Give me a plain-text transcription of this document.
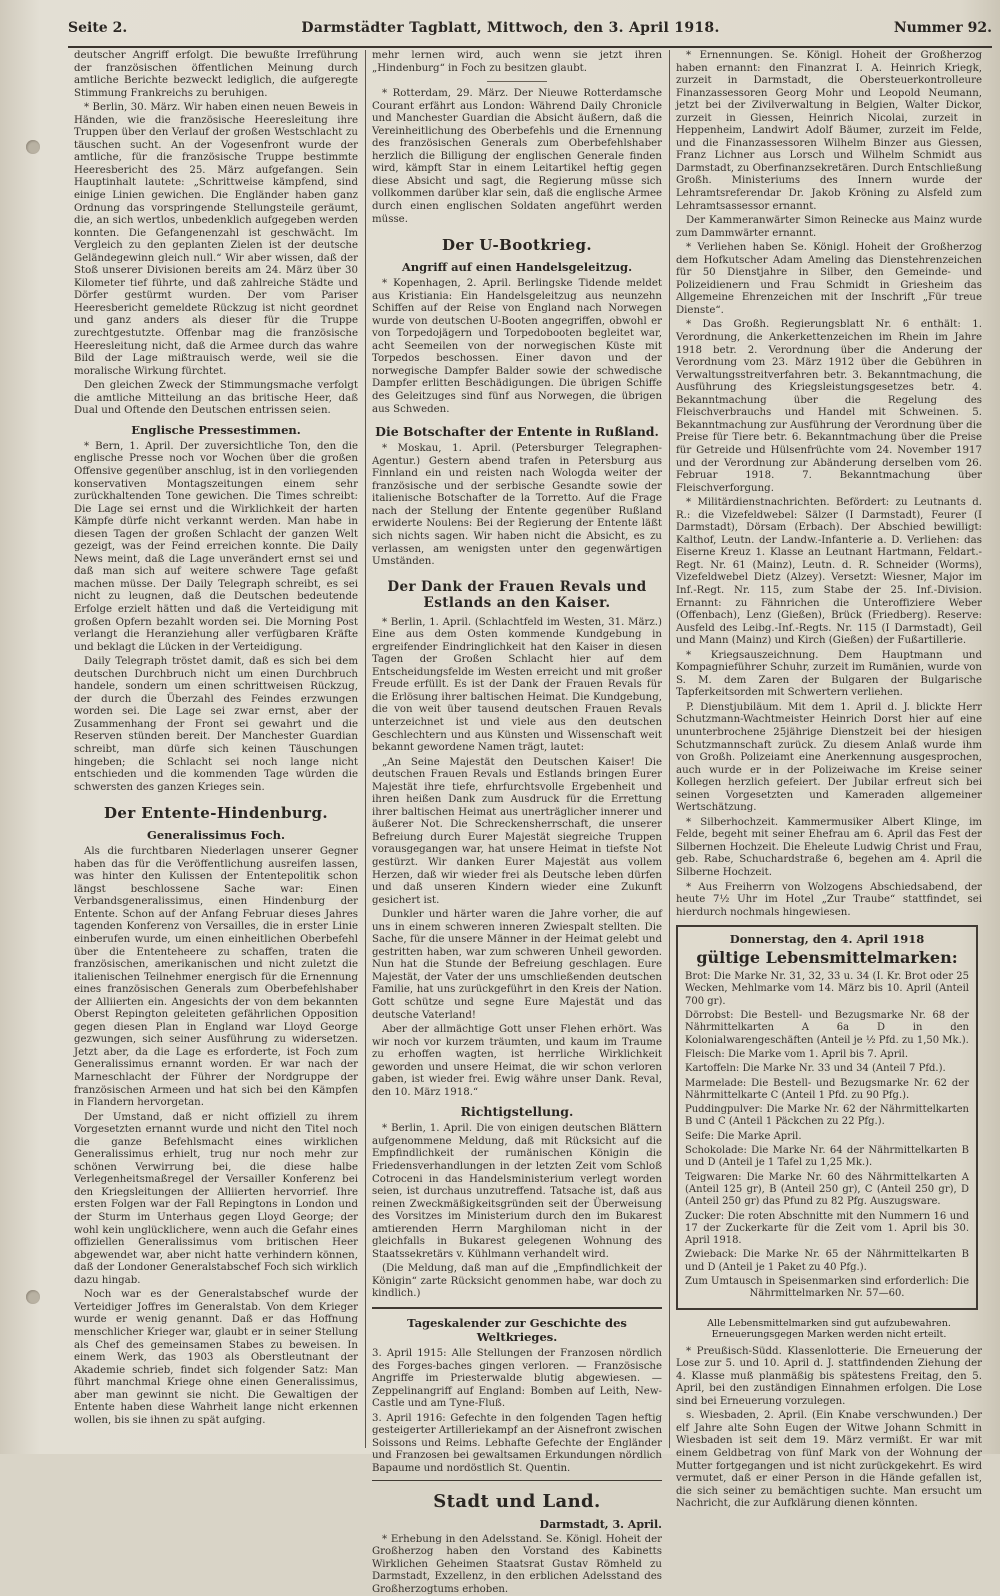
Seite 2.	Darmstädter Tagblatt, Mittwoch, den 3. April 1918.	Nummer 92.

deutscher Angriff erfolgt. Die bewußte Irreführung der französischen öffentlichen Meinung durch amtliche Berichte bezweckt lediglich, die aufgeregte Stimmung Frankreichs zu beruhigen.

* Berlin, 30. März. Wir haben einen neuen Beweis in Händen, wie die französische Heeresleitung ihre Truppen über den Verlauf der großen Westschlacht zu täuschen sucht. An der Vogesenfront wurde der amtliche, für die französische Truppe bestimmte Heeresbericht des 25. März aufgefangen. Sein Hauptinhalt lautete: „Schrittweise kämpfend, sind einige Linien gewichen. Die Engländer haben ganz Ordnung das vorspringende Stellungsteile geräumt, die, an sich wertlos, unbedenklich aufgegeben werden konnten. Die Gefangenenzahl ist geschwächt. Im Vergleich zu den geplanten Zielen ist der deutsche Geländegewinn gleich null.“ Wir aber wissen, daß der Stoß unserer Divisionen bereits am 24. März über 30 Kilometer tief führte, und daß zahlreiche Städte und Dörfer gestürmt wurden. Der vom Pariser Heeresbericht gemeldete Rückzug ist nicht geordnet und ganz anders als dieser für die Truppe zurechtgestutzte. Offenbar mag die französische Heeresleitung nicht, daß die Armee durch das wahre Bild der Lage mißtrauisch werde, weil sie die moralische Wirkung fürchtet.

Den gleichen Zweck der Stimmungsmache verfolgt die amtliche Mitteilung an das britische Heer, daß Dual und Oftende den Deutschen entrissen seien.

Englische Pressestimmen.

* Bern, 1. April. Der zuversichtliche Ton, den die englische Presse noch vor Wochen über die großen Offensive gegenüber anschlug, ist in den vorliegenden konservativen Montagszeitungen einem sehr zurückhaltenden Tone gewichen. Die Times schreibt: Die Lage sei ernst und die Wirklichkeit der harten Kämpfe dürfe nicht verkannt werden. Man habe in diesen Tagen der großen Schlacht der ganzen Welt gezeigt, was der Feind erreichen konnte. Die Daily News meint, daß die Lage unverändert ernst sei und daß man sich auf weitere schwere Tage gefaßt machen müsse. Der Daily Telegraph schreibt, es sei nicht zu leugnen, daß die Deutschen bedeutende Erfolge erzielt hätten und daß die Verteidigung mit großen Opfern bezahlt worden sei. Die Morning Post verlangt die Heranziehung aller verfügbaren Kräfte und beklagt die Lücken in der Verteidigung.

Daily Telegraph tröstet damit, daß es sich bei dem deutschen Durchbruch nicht um einen Durchbruch handele, sondern um einen schrittweisen Rückzug, der durch die Überzahl des Feindes erzwungen worden sei. Die Lage sei zwar ernst, aber der Zusammenhang der Front sei gewahrt und die Reserven stünden bereit. Der Manchester Guardian schreibt, man dürfe sich keinen Täuschungen hingeben; die Schlacht sei noch lange nicht entschieden und die kommenden Tage würden die schwersten des ganzen Krieges sein.

Der Entente-Hindenburg.
Generalissimus Foch.

Als die furchtbaren Niederlagen unserer Gegner haben das für die Veröffentlichung ausreifen lassen, was hinter den Kulissen der Ententepolitik schon längst beschlossene Sache war: Einen Verbandsgeneralissimus, einen Hindenburg der Entente. Schon auf der Anfang Februar dieses Jahres tagenden Konferenz von Versailles, die in erster Linie einberufen wurde, um einen einheitlichen Oberbefehl über die Ententeheere zu schaffen, traten die französischen, amerikanischen und nicht zuletzt die italienischen Teilnehmer energisch für die Ernennung eines französischen Generals zum Oberbefehlshaber der Alliierten ein. Angesichts der von dem bekannten Oberst Repington geleiteten gefährlichen Opposition gegen diesen Plan in England war Lloyd George gezwungen, sich seiner Ausführung zu widersetzen. Jetzt aber, da die Lage es erforderte, ist Foch zum Generalissimus ernannt worden. Er war nach der Marneschlacht der Führer der Nordgruppe der französischen Armeen und hat sich bei den Kämpfen in Flandern hervorgetan.

Der Umstand, daß er nicht offiziell zu ihrem Vorgesetzten ernannt wurde und nicht den Titel noch die ganze Befehlsmacht eines wirklichen Generalissimus erhielt, trug nur noch mehr zur schönen Verwirrung bei, die diese halbe Verlegenheitsmaßregel der Versailler Konferenz bei den Kriegsleitungen der Alliierten hervorrief. Ihre ersten Folgen war der Fall Repingtons in London und der Sturm im Unterhaus gegen Lloyd George; der wohl kein unglücklichere, wenn auch die Gefahr eines offiziellen Generalissimus vom britischen Heer abgewendet war, aber nicht hatte verhindern können, daß der Londoner Generalstabschef Foch sich wirklich dazu hingab.

Noch war es der Generalstabschef wurde der Verteidiger Joffres im Generalstab. Von dem Krieger wurde er wenig genannt. Daß er das Hoffnung menschlicher Krieger war, glaubt er in seiner Stellung als Chef des gemeinsamen Stabes zu beweisen. In einem Werk, das 1903 als Oberstleutnant der Akademie schrieb, findet sich folgender Satz: Man führt manchmal Kriege ohne einen Generalissimus, aber man gewinnt sie nicht. Die Gewaltigen der Entente haben diese Wahrheit lange nicht erkennen wollen, bis sie ihnen zu spät aufging.

mehr lernen wird, auch wenn sie jetzt ihren „Hindenburg“ in Foch zu besitzen glaubt.

* Rotterdam, 29. März. Der Nieuwe Rotterdamsche Courant erfährt aus London: Während Daily Chronicle und Manchester Guardian die Absicht äußern, daß die Vereinheitlichung des Oberbefehls und die Ernennung des französischen Generals zum Oberbefehlshaber herzlich die Billigung der englischen Generale finden wird, kämpft Star in einem Leitartikel heftig gegen diese Absicht und sagt, die Regierung müsse sich vollkommen darüber klar sein, daß die englische Armee durch einen englischen Soldaten angeführt werden müsse.

Der U-Bootkrieg.
Angriff auf einen Handelsgeleitzug.

* Kopenhagen, 2. April. Berlingske Tidende meldet aus Kristiania: Ein Handelsgeleitzug aus neunzehn Schiffen auf der Reise von England nach Norwegen wurde von deutschen U-Booten angegriffen, obwohl er von Torpedojägern und Torpedobooten begleitet war, acht Seemeilen von der norwegischen Küste mit Torpedos beschossen. Einer davon und der norwegische Dampfer Balder sowie der schwedische Dampfer erlitten Beschädigungen. Die übrigen Schiffe des Geleitzuges sind fünf aus Norwegen, die übrigen aus Schweden.

Die Botschafter der Entente in Rußland.

* Moskau, 1. April. (Petersburger Telegraphen-Agentur.) Gestern abend trafen in Petersburg aus Finnland ein und reisten nach Wologda weiter der französische und der serbische Gesandte sowie der italienische Botschafter de la Torretto. Auf die Frage nach der Stellung der Entente gegenüber Rußland erwiderte Noulens: Bei der Regierung der Entente läßt sich nichts sagen. Wir haben nicht die Absicht, es zu verlassen, am wenigsten unter den gegenwärtigen Umständen.

Der Dank der Frauen Revals und Estlands an den Kaiser.

* Berlin, 1. April. (Schlachtfeld im Westen, 31. März.) Eine aus dem Osten kommende Kundgebung in ergreifender Eindringlichkeit hat den Kaiser in diesen Tagen der Großen Schlacht hier auf dem Entscheidungsfelde im Westen erreicht und mit großer Freude erfüllt. Es ist der Dank der Frauen Revals für die Erlösung ihrer baltischen Heimat. Die Kundgebung, die von weit über tausend deutschen Frauen Revals unterzeichnet ist und viele aus den deutschen Geschlechtern und aus Künsten und Wissenschaft weit bekannt gewordene Namen trägt, lautet:

„An Seine Majestät den Deutschen Kaiser! Die deutschen Frauen Revals und Estlands bringen Eurer Majestät ihre tiefe, ehrfurchtsvolle Ergebenheit und ihren heißen Dank zum Ausdruck für die Errettung ihrer baltischen Heimat aus unerträglicher innerer und äußerer Not. Die Schreckensherrschaft, die unserer Befreiung durch Eurer Majestät siegreiche Truppen vorausgegangen war, hat unsere Heimat in tiefste Not gestürzt. Wir danken Eurer Majestät aus vollem Herzen, daß wir wieder frei als Deutsche leben dürfen und daß unseren Kindern wieder eine Zukunft gesichert ist.

Dunkler und härter waren die Jahre vorher, die auf uns in einem schweren inneren Zwiespalt stellten. Die Sache, für die unsere Männer in der Heimat gelebt und gestritten haben, war zum schweren Unheil geworden. Nun hat die Stunde der Befreiung geschlagen. Eure Majestät, der Vater der uns umschließenden deutschen Familie, hat uns zurückgeführt in den Kreis der Nation. Gott schütze und segne Eure Majestät und das deutsche Vaterland!

Aber der allmächtige Gott unser Flehen erhört. Was wir noch vor kurzem träumten, und kaum im Traume zu erhoffen wagten, ist herrliche Wirklichkeit geworden und unsere Heimat, die wir schon verloren gaben, ist wieder frei. Ewig währe unser Dank. Reval, den 10. März 1918.“

Richtigstellung.

* Berlin, 1. April. Die von einigen deutschen Blättern aufgenommene Meldung, daß mit Rücksicht auf die Empfindlichkeit der rumänischen Königin die Friedensverhandlungen in der letzten Zeit vom Schloß Cotroceni in das Handelsministerium verlegt worden seien, ist durchaus unzutreffend. Tatsache ist, daß aus reinen Zweckmäßigkeitsgründen seit der Überweisung des Vorsitzes im Ministerium durch den im Bukarest amtierenden Herrn Marghiloman nicht in der gleichfalls in Bukarest gelegenen Wohnung des Staatssekretärs v. Kühlmann verhandelt wird.

(Die Meldung, daß man auf die „Empfindlichkeit der Königin“ zarte Rücksicht genommen habe, war doch zu kindlich.)

Tageskalender zur Geschichte des Weltkrieges.

3. April 1915: Alle Stellungen der Franzosen nördlich des Forges-baches gingen verloren. — Französische Angriffe im Priesterwalde blutig abgewiesen. — Zeppelinangriff auf England: Bomben auf Leith, New-Castle und am Tyne-Fluß.

3. April 1916: Gefechte in den folgenden Tagen heftig gesteigerter Artilleriekampf an der Aisnefront zwischen Soissons und Reims. Lebhafte Gefechte der Engländer und Franzosen bei gewaltsamen Erkundungen nördlich Bapaume und nordöstlich St. Quentin.

Stadt und Land.
Darmstadt, 3. April.

* Erhebung in den Adelsstand. Se. Königl. Hoheit der Großherzog haben den Vorstand des Kabinetts Wirklichen Geheimen Staatsrat Gustav Römheld zu Darmstadt, Exzellenz, in den erblichen Adelsstand des Großherzogtums erhoben.

* Ernennungen. Se. Königl. Hoheit der Großherzog haben ernannt: den Finanzrat I. A. Heinrich Kriegk, zurzeit in Darmstadt, die Obersteuerkontrolleure Finanzassessoren Georg Mohr und Leopold Neumann, jetzt bei der Zivilverwaltung in Belgien, Walter Dickor, zurzeit in Giessen, Heinrich Nicolai, zurzeit in Heppenheim, Landwirt Adolf Bäumer, zurzeit im Felde, und die Finanzassessoren Wilhelm Binzer aus Giessen, Franz Lichner aus Lorsch und Wilhelm Schmidt aus Darmstadt, zu Oberfinanzsekretären. Durch Entschließung Großh. Ministeriums des Innern wurde der Lehramtsreferendar Dr. Jakob Kröning zu Alsfeld zum Lehramtsassessor ernannt.

Der Kammeranwärter Simon Reinecke aus Mainz wurde zum Dammwärter ernannt.

* Verliehen haben Se. Königl. Hoheit der Großherzog dem Hofkutscher Adam Ameling das Dienstehrenzeichen für 50 Dienstjahre in Silber, den Gemeinde- und Polizeidienern und Frau Schmidt in Griesheim das Allgemeine Ehrenzeichen mit der Inschrift „Für treue Dienste“.

* Das Großh. Regierungsblatt Nr. 6 enthält: 1. Verordnung, die Ankerkettenzeichen im Rhein im Jahre 1918 betr. 2. Verordnung über die Anderung der Verordnung vom 23. März 1912 über die Gebühren in Verwaltungsstreitverfahren betr. 3. Bekanntmachung, die Ausführung des Kriegsleistungsgesetzes betr. 4. Bekanntmachung über die Regelung des Fleischverbrauchs und Handel mit Schweinen. 5. Bekanntmachung zur Ausführung der Verordnung über die Preise für Tiere betr. 6. Bekanntmachung über die Preise für Getreide und Hülsenfrüchte vom 24. November 1917 und der Verordnung zur Abänderung derselben vom 26. Februar 1918. 7. Bekanntmachung über Fleischverforgung.

* Militärdienstnachrichten. Befördert: zu Leutnants d. R.: die Vizefeldwebel: Sälzer (I Darmstadt), Feurer (I Darmstadt), Dörsam (Erbach). Der Abschied bewilligt: Kalthof, Leutn. der Landw.-Infanterie a. D. Verliehen: das Eiserne Kreuz 1. Klasse an Leutnant Hartmann, Feldart.-Regt. Nr. 61 (Mainz), Leutn. d. R. Schneider (Worms), Vizefeldwebel Dietz (Alzey). Versetzt: Wiesner, Major im Inf.-Regt. Nr. 115, zum Stabe der 25. Inf.-Division. Ernannt: zu Fähnrichen die Unteroffiziere Weber (Offenbach), Lenz (Gießen), Brück (Friedberg). Reserve: Ausfeld des Leibg.-Inf.-Regts. Nr. 115 (I Darmstadt), Geil und Mann (Mainz) und Kirch (Gießen) der Fußartillerie.

* Kriegsauszeichnung. Dem Hauptmann und Kompagnieführer Schuhr, zurzeit im Rumänien, wurde von S. M. dem Zaren der Bulgaren der Bulgarische Tapferkeitsorden mit Schwertern verliehen.

P. Dienstjubiläum. Mit dem 1. April d. J. blickte Herr Schutzmann-Wachtmeister Heinrich Dorst hier auf eine ununterbrochene 25jährige Dienstzeit bei der hiesigen Schutzmannschaft zurück. Zu diesem Anlaß wurde ihm von Großh. Polizeiamt eine Anerkennung ausgesprochen, auch wurde er in der Polizeiwache im Kreise seiner Kollegen herzlich gefeiert. Der Jubilar erfreut sich bei seinen Vorgesetzten und Kameraden allgemeiner Wertschätzung.

* Silberhochzeit. Kammermusiker Albert Klinge, im Felde, begeht mit seiner Ehefrau am 6. April das Fest der Silbernen Hochzeit. Die Eheleute Ludwig Christ und Frau, geb. Rabe, Schuchardstraße 6, begehen am 4. April die Silberne Hochzeit.

* Aus Freiherrn von Wolzogens Abschiedsabend, der heute 7½ Uhr im Hotel „Zur Traube“ stattfindet, sei hierdurch nochmals hingewiesen.

Donnerstag, den 4. April 1918
gültige Lebensmittelmarken:

Brot: Die Marke Nr. 31, 32, 33 u. 34 (I. Kr. Brot oder 25 Wecken, Mehlmarke vom 14. März bis 10. April (Anteil 700 gr).

Dörrobst: Die Bestell- und Bezugsmarke Nr. 68 der Nährmittelkarten A 6a D in den Kolonialwarengeschäften (Anteil je ½ Pfd. zu 1,50 Mk.).

Fleisch: Die Marke vom 1. April bis 7. April.

Kartoffeln: Die Marke Nr. 33 und 34 (Anteil 7 Pfd.).

Marmelade: Die Bestell- und Bezugsmarke Nr. 62 der Nährmittelkarte C (Anteil 1 Pfd. zu 90 Pfg.).

Puddingpulver: Die Marke Nr. 62 der Nährmittelkarten B und C (Anteil 1 Päckchen zu 22 Pfg.).

Seife: Die Marke April.

Schokolade: Die Marke Nr. 64 der Nährmittelkarten B und D (Anteil je 1 Tafel zu 1,25 Mk.).

Teigwaren: Die Marke Nr. 60 des Nährmittelkarten A (Anteil 125 gr), B (Anteil 250 gr), C (Anteil 250 gr), D (Anteil 250 gr) das Pfund zu 82 Pfg. Auszugsware.

Zucker: Die roten Abschnitte mit den Nummern 16 und 17 der Zuckerkarte für die Zeit vom 1. April bis 30. April 1918.

Zwieback: Die Marke Nr. 65 der Nährmittelkarten B und D (Anteil je 1 Paket zu 40 Pfg.).

Zum Umtausch in Speisenmarken sind erforderlich: Die Nährmittelmarken Nr. 57—60.

Alle Lebensmittelmarken sind gut aufzubewahren. Erneuerungsgegen Marken werden nicht erteilt.

* Preußisch-Südd. Klassenlotterie. Die Erneuerung der Lose zur 5. und 10. April d. J. stattfindenden Ziehung der 4. Klasse muß planmäßig bis spätestens Freitag, den 5. April, bei den zuständigen Einnahmen erfolgen. Die Lose sind bei Erneuerung vorzulegen.

s. Wiesbaden, 2. April. (Ein Knabe verschwunden.) Der elf Jahre alte Sohn Eugen der Witwe Johann Schmitt in Wiesbaden ist seit dem 19. März vermißt. Er war mit einem Geldbetrag von fünf Mark von der Wohnung der Mutter fortgegangen und ist nicht zurückgekehrt. Es wird vermutet, daß er einer Person in die Hände gefallen ist, die sich seiner zu bemächtigen suchte. Man ersucht um Nachricht, die zur Aufklärung dienen könnten.
